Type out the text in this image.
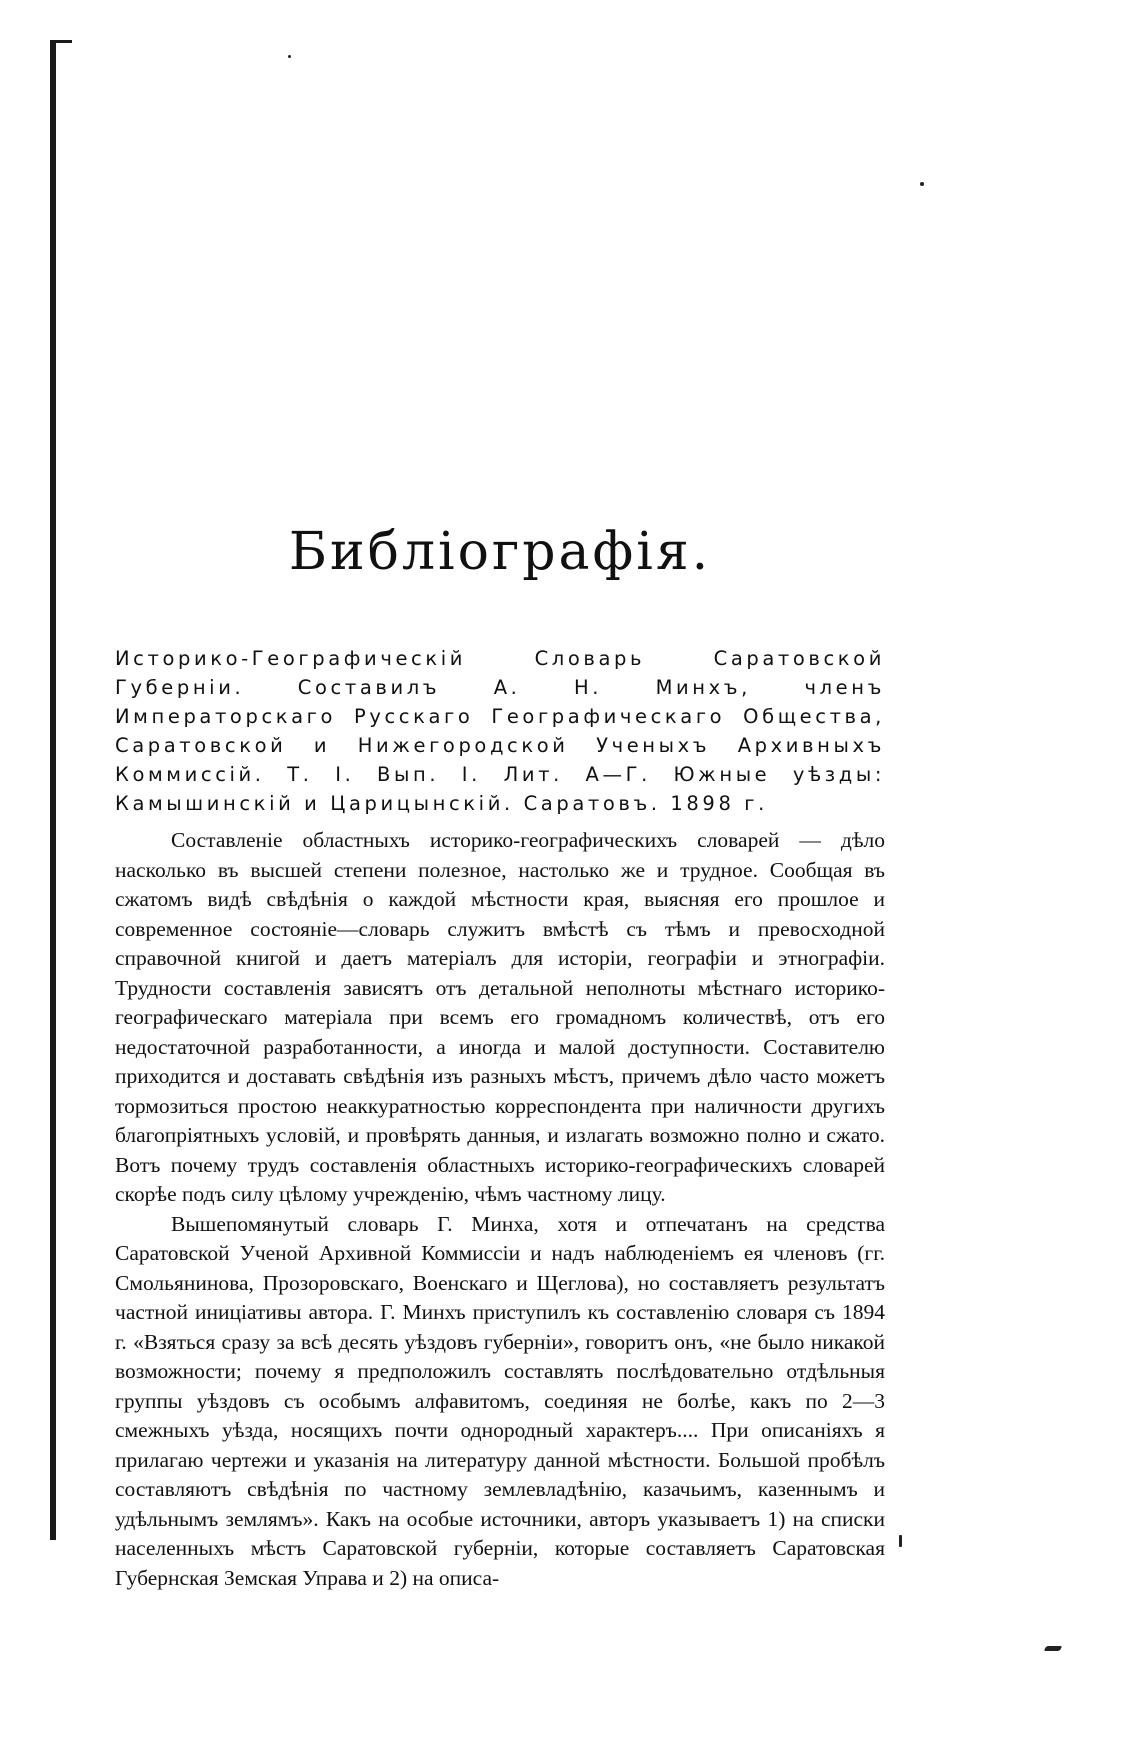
Библіографія.

Историко-Географическій Словарь Саратовской Губерніи. Составилъ А. Н. Минхъ, членъ Императорскаго Русскаго Географическаго Общества, Саратовской и Нижегородской Ученыхъ Архивныхъ Коммиссій. Т. I. Вып. I. Лит. А—Г. Южные уѣзды: Камышинскій и Царицынскій. Саратовъ. 1898 г.

Составленіе областныхъ историко-географическихъ словарей — дѣло насколько въ высшей степени полезное, настолько же и трудное. Сообщая въ сжатомъ видѣ свѣдѣнія о каждой мѣстности края, выясняя его прошлое и современное состояніе—словарь служитъ вмѣстѣ съ тѣмъ и превосходной справочной книгой и даетъ матеріалъ для исторіи, географіи и этнографіи. Трудности составленія зависятъ отъ детальной неполноты мѣстнаго историко-географическаго матеріала при всемъ его громадномъ количествѣ, отъ его недостаточной разработанности, а иногда и малой доступности. Составителю приходится и доставать свѣдѣнія изъ разныхъ мѣстъ, причемъ дѣло часто можетъ тормозиться простою неаккуратностью корреспондента при наличности другихъ благопріятныхъ условій, и провѣрять данныя, и излагать возможно полно и сжато. Вотъ почему трудъ составленія областныхъ историко-географическихъ словарей скорѣе подъ силу цѣлому учрежденію, чѣмъ частному лицу.

Вышепомянутый словарь Г. Минха, хотя и отпечатанъ на средства Саратовской Ученой Архивной Коммиссіи и надъ наблюденіемъ ея членовъ (гг. Смольянинова, Прозоровскаго, Военскаго и Щеглова), но составляетъ результатъ частной иниціативы автора. Г. Минхъ приступилъ къ составленію словаря съ 1894 г. «Взяться сразу за всѣ десять уѣздовъ губерніи», говоритъ онъ, «не было никакой возможности; почему я предположилъ составлять послѣдовательно отдѣльныя группы уѣздовъ съ особымъ алфавитомъ, соединяя не болѣе, какъ по 2—3 смежныхъ уѣзда, носящихъ почти однородный характеръ.... При описаніяхъ я прилагаю чертежи и указанія на литературу данной мѣстности. Большой пробѣлъ составляютъ свѣдѣнія по частному землевладѣнію, казачьимъ, казеннымъ и удѣльнымъ землямъ». Какъ на особые источники, авторъ указываетъ 1) на списки населенныхъ мѣстъ Саратовской губерніи, которые составляетъ Саратовская Губернская Земская Управа и 2) на описа-
